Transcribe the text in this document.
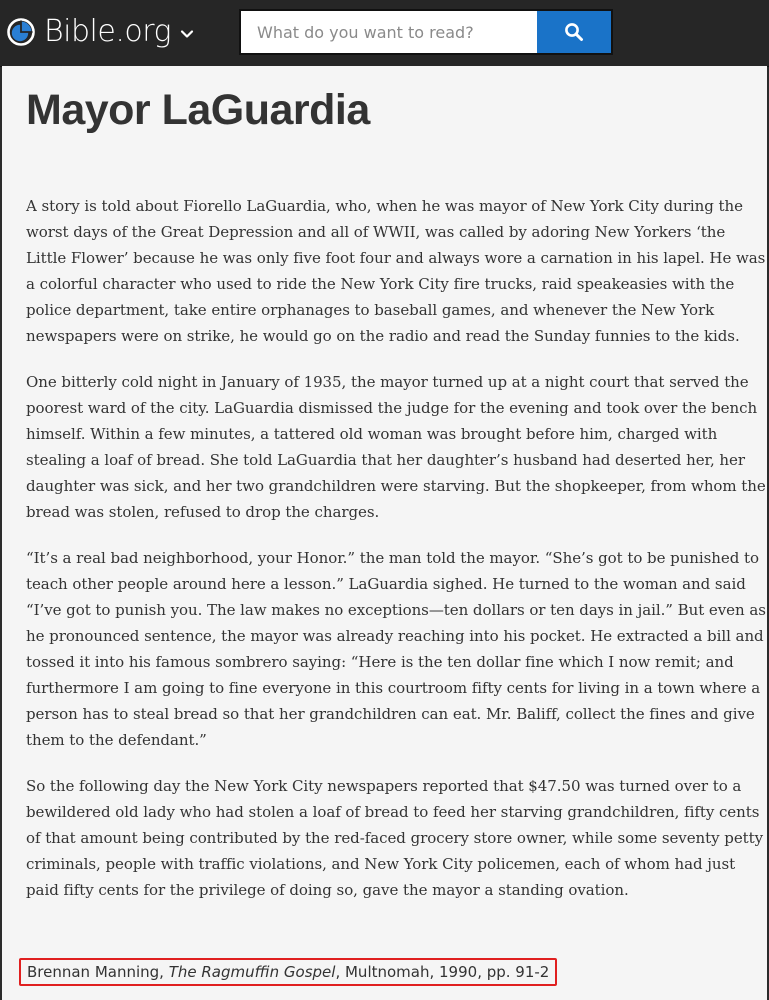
Bible.org
What do you want to read?
Mayor LaGuardia

A story is told about Fiorello LaGuardia, who, when he was mayor of New York City during the worst days of the Great Depression and all of WWII, was called by adoring New Yorkers ‘the Little Flower’ because he was only five foot four and always wore a carnation in his lapel. He was a colorful character who used to ride the New York City fire trucks, raid speakeasies with the police department, take entire orphanages to baseball games, and whenever the New York newspapers were on strike, he would go on the radio and read the Sunday funnies to the kids.

One bitterly cold night in January of 1935, the mayor turned up at a night court that served the poorest ward of the city. LaGuardia dismissed the judge for the evening and took over the bench himself. Within a few minutes, a tattered old woman was brought before him, charged with stealing a loaf of bread. She told LaGuardia that her daughter’s husband had deserted her, her daughter was sick, and her two grandchildren were starving. But the shopkeeper, from whom the bread was stolen, refused to drop the charges.

“It’s a real bad neighborhood, your Honor.” the man told the mayor. “She’s got to be punished to teach other people around here a lesson.” LaGuardia sighed. He turned to the woman and said “I’ve got to punish you. The law makes no exceptions—ten dollars or ten days in jail.” But even as he pronounced sentence, the mayor was already reaching into his pocket. He extracted a bill and tossed it into his famous sombrero saying: “Here is the ten dollar fine which I now remit; and furthermore I am going to fine everyone in this courtroom fifty cents for living in a town where a person has to steal bread so that her grandchildren can eat. Mr. Baliff, collect the fines and give them to the defendant.”

So the following day the New York City newspapers reported that $47.50 was turned over to a bewildered old lady who had stolen a loaf of bread to feed her starving grandchildren, fifty cents of that amount being contributed by the red-faced grocery store owner, while some seventy petty criminals, people with traffic violations, and New York City policemen, each of whom had just paid fifty cents for the privilege of doing so, gave the mayor a standing ovation.

Brennan Manning, The Ragmuffin Gospel, Multnomah, 1990, pp. 91-2
